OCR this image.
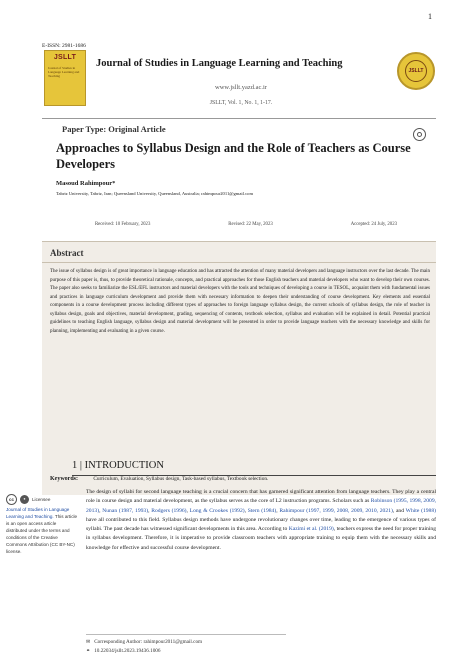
1
E-ISSN: 2981-1686
JSLLT
Journal of Studies in Language Learning and Teaching
Journal of Studies in Language Learning and Teaching
www.jsllt.yazd.ac.ir
JSLLT, Vol. 1, No. 1, 1-17.
JSLLT
Paper Type: Original Article
Approaches to Syllabus Design and the Role of Teachers as Course Developers
Masoud Rahimpour*
Tabriz University, Tabriz, Iran; Queensland University, Queensland, Australia; rahimpour2011@gmail.com
Received: 10 February, 2023	Revised: 22 May, 2023	Accepted: 24 July, 2023
Abstract
The issue of syllabus design is of great importance in language education and has attracted the attention of many material developers and language instructors over the last decade. The main purpose of this paper is, thus, to provide theoretical rationale, concepts, and practical approaches for those English teachers and material developers who want to develop their own courses. The paper also seeks to familiarize the ESL/EFL instructors and material developers with the tools and techniques of developing a course in TESOL, acquaint them with fundamental issues and practices in language curriculum development and provide them with necessary information to deepen their understanding of course development. Key elements and essential components in a course development process including different types of approaches to foreign language syllabus design, the current schools of syllabus design, the role of teacher in syllabus design, goals and objectives, material development, grading, sequencing of contents, textbook selection, syllabus and evaluation will be explained in detail. Potential practical guidelines to teaching English language, syllabus design and material development will be presented in order to provide language teachers with the necessary knowledge and skills for planning, implementing and evaluating in a given course.
Keywords:	Curriculum, Evaluation, Syllabus design, Task-based syllabus, Textbook selection.
1 | INTRODUCTION
The design of syllabi for second language teaching is a crucial concern that has garnered significant attention from language teachers. They play a central role in course design and material development, as the syllabus serves as the core of L2 instruction programs. Scholars such as Robinson (1995, 1998, 2009, 2013), Nunan (1987, 1993), Rodgers (1996), Long & Crookes (1992), Stern (1984), Rahimpour (1997, 1999, 2008, 2009, 2010, 2021), and White (1988) have all contributed to this field. Syllabus design methods have undergone revolutionary changes over time, leading to the emergence of various types of syllabi. The past decade has witnessed significant developments in this area. According to Kazimi et al. (2019), teachers express the need for proper training in syllabus development. Therefore, it is imperative to provide classroom teachers with appropriate training to equip them with the necessary skills and knowledge for effective and successful course development.
cc	●	Licensee
Journal of Studies in Language Learning and Teaching. This article is an open access article distributed under the terms and conditions of the Creative Commons Attribution (CC BY-NC) license.
✉ Corresponding Author: rahimpour2011@gmail.com
⚭ 10.22034/jsllt.2023.19436.1006
